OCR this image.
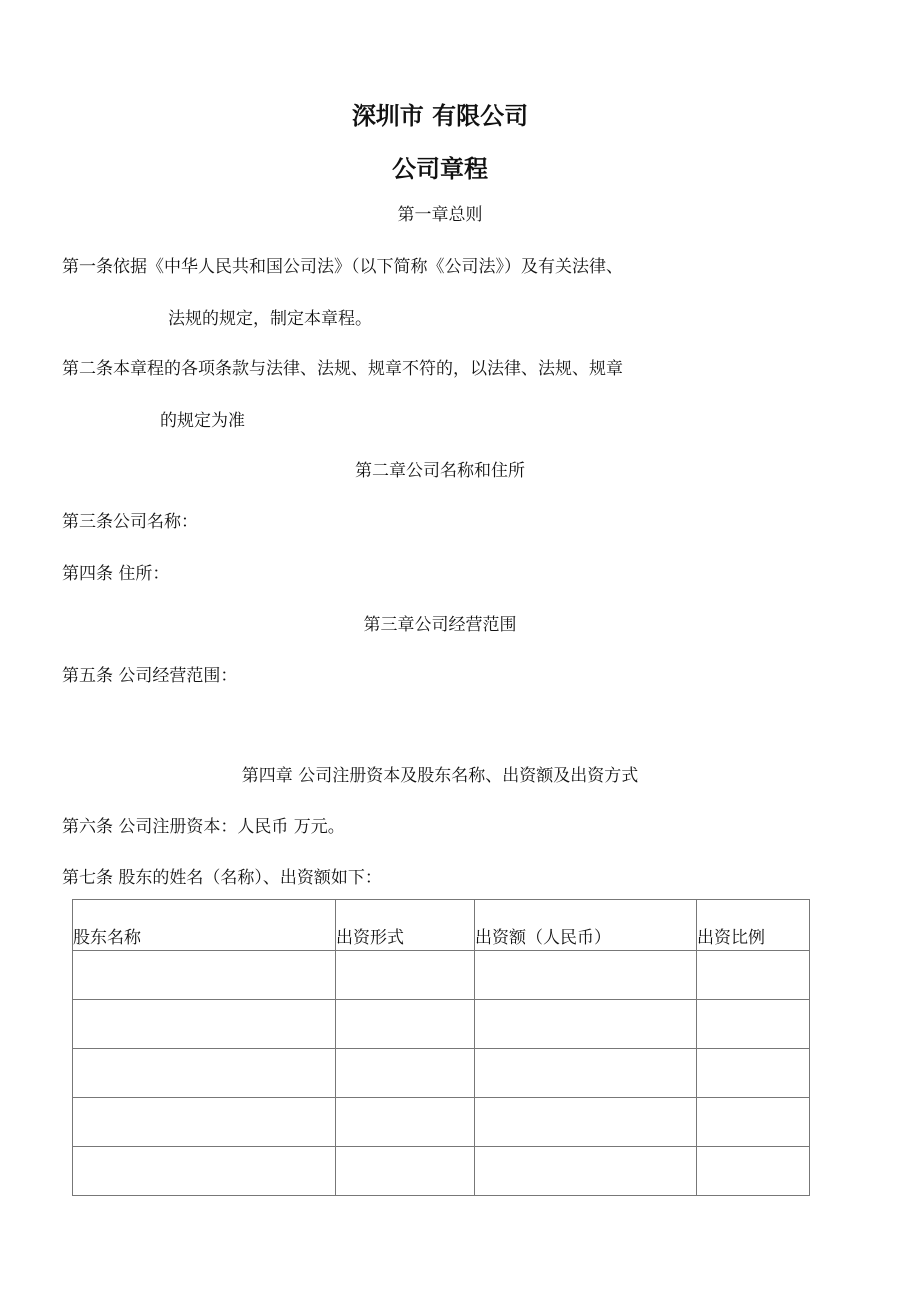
深圳市 有限公司
公司章程

第一章总则

第一条依据《中华人民共和国公司法》（以下简称《公司法》）及有关法律、

法规的规定，制定本章程。

第二条本章程的各项条款与法律、法规、规章不符的，以法律、法规、规章

的规定为准

第二章公司名称和住所

第三条公司名称：

第四条 住所：

第三章公司经营范围

第五条 公司经营范围：

第四章 公司注册资本及股东名称、出资额及出资方式

第六条 公司注册资本：人民币 万元。

第七条 股东的姓名（名称）、出资额如下：

股东名称	出资形式	出资额（人民币）	出资比例
